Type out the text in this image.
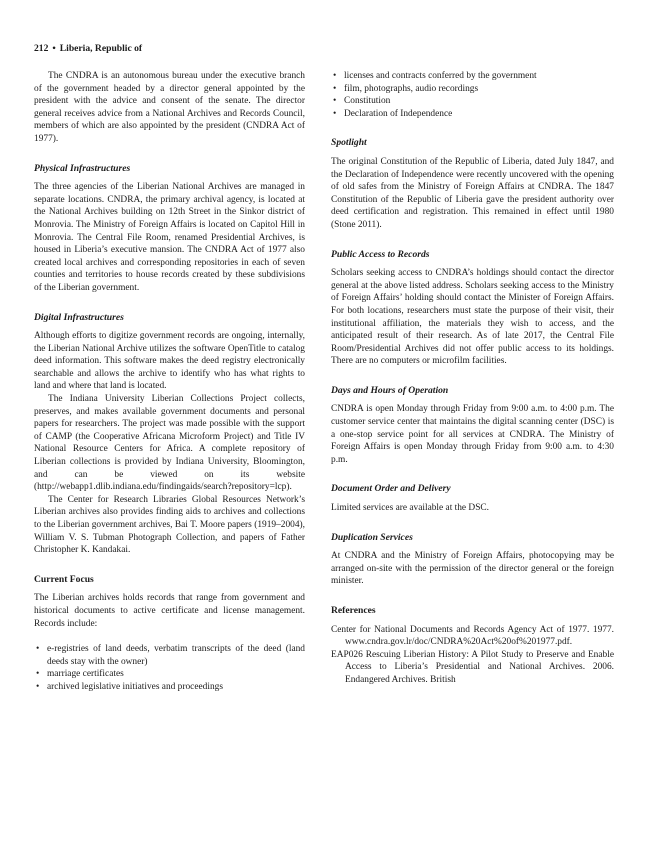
212 • Liberia, Republic of

The CNDRA is an autonomous bureau under the executive branch of the government headed by a director general appointed by the president with the advice and consent of the senate. The director general receives advice from a National Archives and Records Council, members of which are also appointed by the president (CNDRA Act of 1977).

Physical Infrastructures

The three agencies of the Liberian National Archives are managed in separate locations. CNDRA, the primary archival agency, is located at the National Archives building on 12th Street in the Sinkor district of Monrovia. The Ministry of Foreign Affairs is located on Capitol Hill in Monrovia. The Central File Room, renamed Presidential Archives, is housed in Liberia’s executive mansion. The CNDRA Act of 1977 also created local archives and corresponding repositories in each of seven counties and territories to house records created by these subdivisions of the Liberian government.

Digital Infrastructures

Although efforts to digitize government records are ongoing, internally, the Liberian National Archive utilizes the software OpenTitle to catalog deed information. This software makes the deed registry electronically searchable and allows the archive to identify who has what rights to land and where that land is located.

The Indiana University Liberian Collections Project collects, preserves, and makes available government documents and personal papers for researchers. The project was made possible with the support of CAMP (the Cooperative Africana Microform Project) and Title IV National Resource Centers for Africa. A complete repository of Liberian collections is provided by Indiana University, Bloomington, and can be viewed on its website (http://webapp1.dlib.indiana.edu/findingaids/search?repository=lcp).

The Center for Research Libraries Global Resources Network’s Liberian archives also provides finding aids to archives and collections to the Liberian government archives, Bai T. Moore papers (1919–2004), William V. S. Tubman Photograph Collection, and papers of Father Christopher K. Kandakai.

Current Focus

The Liberian archives holds records that range from government and historical documents to active certificate and license management. Records include:

• e-registries of land deeds, verbatim transcripts of the deed (land deeds stay with the owner)
• marriage certificates
• archived legislative initiatives and proceedings
• licenses and contracts conferred by the government
• film, photographs, audio recordings
• Constitution
• Declaration of Independence
Spotlight

The original Constitution of the Republic of Liberia, dated July 1847, and the Declaration of Independence were recently uncovered with the opening of old safes from the Ministry of Foreign Affairs at CNDRA. The 1847 Constitution of the Republic of Liberia gave the president authority over deed certification and registration. This remained in effect until 1980 (Stone 2011).

Public Access to Records

Scholars seeking access to CNDRA’s holdings should contact the director general at the above listed address. Scholars seeking access to the Ministry of Foreign Affairs’ holding should contact the Minister of Foreign Affairs. For both locations, researchers must state the purpose of their visit, their institutional affiliation, the materials they wish to access, and the anticipated result of their research. As of late 2017, the Central File Room/Presidential Archives did not offer public access to its holdings. There are no computers or microfilm facilities.

Days and Hours of Operation

CNDRA is open Monday through Friday from 9:00 a.m. to 4:00 p.m. The customer service center that maintains the digital scanning center (DSC) is a one-stop service point for all services at CNDRA. The Ministry of Foreign Affairs is open Monday through Friday from 9:00 a.m. to 4:30 p.m.

Document Order and Delivery

Limited services are available at the DSC.

Duplication Services

At CNDRA and the Ministry of Foreign Affairs, photocopying may be arranged on-site with the permission of the director general or the foreign minister.

References

Center for National Documents and Records Agency Act of 1977. 1977. www.cndra.gov.lr/doc/CNDRA%20Act%20of%201977.pdf.

EAP026 Rescuing Liberian History: A Pilot Study to Preserve and Enable Access to Liberia’s Presidential and National Archives. 2006. Endangered Archives. British
